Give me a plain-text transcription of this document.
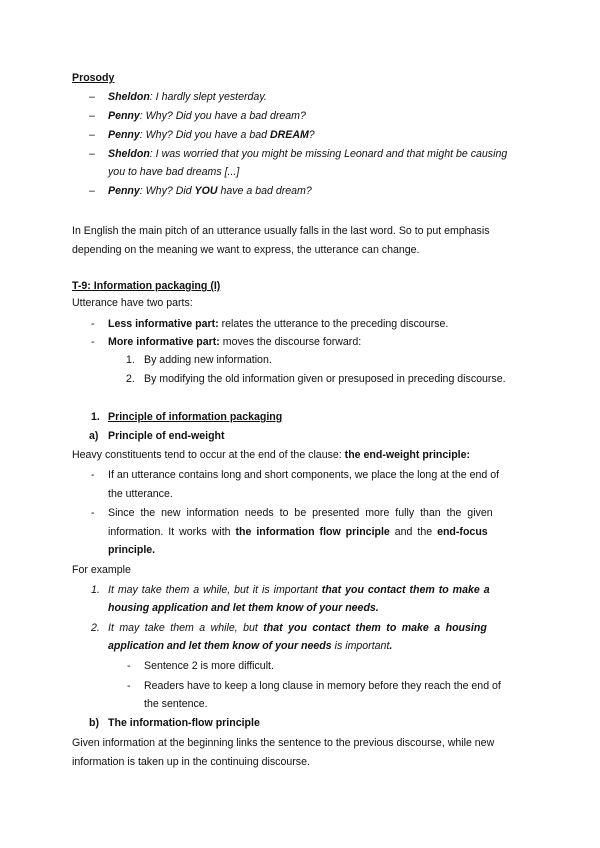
Prosody
– Sheldon: I hardly slept yesterday.
– Penny: Why? Did you have a bad dream?
– Penny: Why? Did you have a bad DREAM?
– Sheldon: I was worried that you might be missing Leonard and that might be causing
you to have bad dreams [...]
– Penny: Why? Did YOU have a bad dream?
In English the main pitch of an utterance usually falls in the last word. So to put emphasis
depending on the meaning we want to express, the utterance can change.
T-9: Information packaging (I)
Utterance have two parts:
- Less informative part: relates the utterance to the preceding discourse.
- More informative part: moves the discourse forward:
1. By adding new information.
2. By modifying the old information given or presuposed in preceding discourse.
1. Principle of information packaging
a) Principle of end-weight
Heavy constituents tend to occur at the end of the clause: the end-weight principle:
- If an utterance contains long and short components, we place the long at the end of
the utterance.
- Since the new information needs to be presented more fully than the given
information. It works with the information flow principle and the end-focus
principle.
For example
1. It may take them a while, but it is important that you contact them to make a
housing application and let them know of your needs.
2. It may take them a while, but that you contact them to make a housing
application and let them know of your needs is important.
- Sentence 2 is more difficult.
- Readers have to keep a long clause in memory before they reach the end of
the sentence.
b) The information-flow principle
Given information at the beginning links the sentence to the previous discourse, while new
information is taken up in the continuing discourse.
